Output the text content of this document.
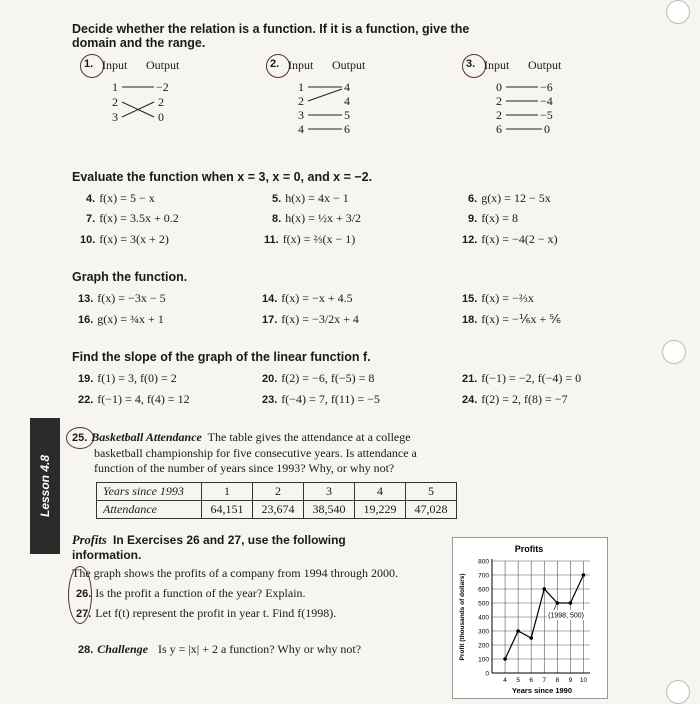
Decide whether the relation is a function. If it is a function, give the
domain and the range.
1. Input Output
1
2
3
−2
2
0
2. Input Output
1
2
3
4
4
4
5
6
3. Input Output
0
2
2
6
−6
−4
−5
0
Evaluate the function when x = 3, x = 0, and x = −2.
4. f(x) = 5 − x	5. h(x) = 4x − 1	6. g(x) = 12 − 5x
7. f(x) = 3.5x + 0.2	8. h(x) = ½x + 3/2	9. f(x) = 8
10. f(x) = 3(x + 2)	11. f(x) = ⅔(x − 1)	12. f(x) = −4(2 − x)
Graph the function.
13. f(x) = −3x − 5	14. f(x) = −x + 4.5	15. f(x) = −⅔x
16. g(x) = ¾x + 1	17. f(x) = −3/2x + 4	18. f(x) = −⅙x + ⅚
Find the slope of the graph of the linear function f.
19. f(1) = 3, f(0) = 2	20. f(2) = −6, f(−5) = 8	21. f(−1) = −2, f(−4) = 0
22. f(−1) = 4, f(4) = 12	23. f(−4) = 7, f(11) = −5	24. f(2) = 2, f(8) = −7
Lesson 4.8
25. Basketball Attendance The table gives the attendance at a college
basketball championship for five consecutive years. Is attendance a
function of the number of years since 1993? Why, or why not?
Years since 1993	1	2	3	4	5
Attendance	64,151	23,674	38,540	19,229	47,028
Profits In Exercises 26 and 27, use the following
information.
The graph shows the profits of a company from 1994 through 2000.
26. Is the profit a function of the year? Explain.
27. Let f(t) represent the profit in year t. Find f(1998).
28. Challenge Is y = |x| + 2 a function? Why or why not?
Profits
0
100
200
300
400
500
600
700
800
4 5 6 7 8 9 10
Years since 1990
Profit (thousands of dollars)	(1998, 500)
